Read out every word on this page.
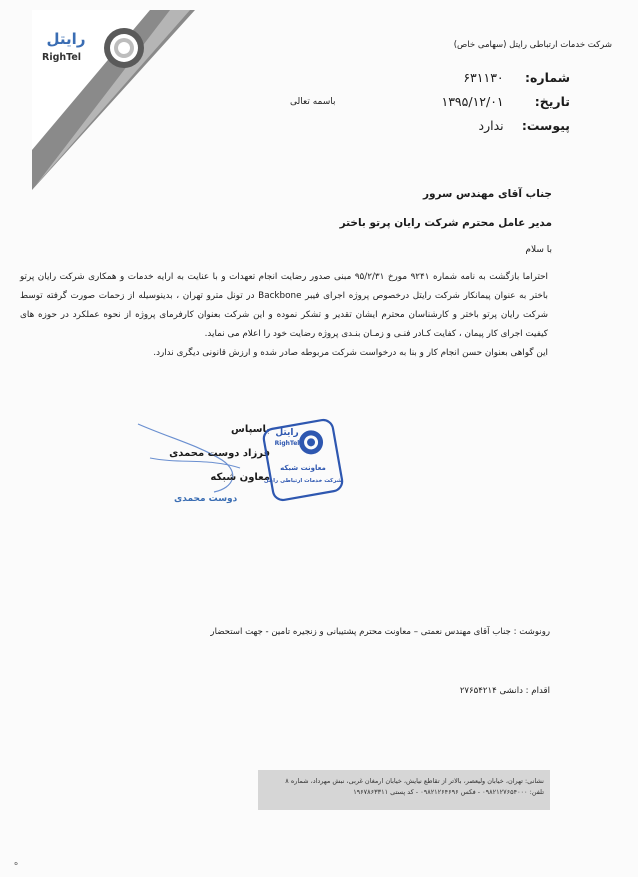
رایتل
RighTel
شرکت خدمات ارتباطی رایتل (سهامی خاص)
شماره: ۶۳۱۱۳۰
تاریخ: ۱۳۹۵/۱۲/۰۱
پیوست: ندارد
باسمه تعالی
جناب آقای مهندس سرور
مدیر عامل محترم شرکت رایان پرتو باختر
با سلام

احتراما بازگشت به نامه شماره ۹۲۴۱ مورخ ۹۵/۲/۳۱ مبنی صدور رضایت انجام تعهدات و با عنایت به ارایه خدمات و همکاری شرکت رایان پرتو باختر به عنوان پیمانکار شرکت رایتل درخصوص پروژه اجرای فیبر Backbone در تونل مترو تهران ، بدینوسیله از زحمات صورت گرفته توسط شرکت رایان پرتو باختر و کارشناسان محترم ایشان تقدیر و تشکر نموده و این شرکت بعنوان کارفرمای پروژه از نحوه عملکرد در حوزه های کیفیت اجرای کار پیمان ، کفایت کـادر فنـی و زمـان بنـدی پروژه رضایت خود را اعلام می نماید.

این گواهی بعنوان حسن انجام کار و بنا به درخواست شرکت مربوطه صادر شده و ارزش قانونی دیگری ندارد.

باسپاس
فرزاد دوست محمدی
معاون شبکه
دوست محمدی
رایتل
RighTel
معاونت شبکه
شرکت خدمات ارتباطی رایتل
رونوشت : جناب آقای مهندس نعمتی – معاونت محترم پشتیبانی و زنجیره تامین - جهت استحضار
اقدام : دانشی ۲۷۶۵۴۲۱۴
نشانی: تهران، خیابان ولیعصر، بالاتر از تقاطع نیایش، خیابان ارمغان غربی، نبش مهرداد، شماره ۸
تلفن: ۰۹۸۲۱۲۷۶۵۴۰۰۰ - فکس ۰۹۸۲۱۲۶۴۶۹۶ - کد پستی ۱۹۶۷۸۶۳۳۱۱
ه
